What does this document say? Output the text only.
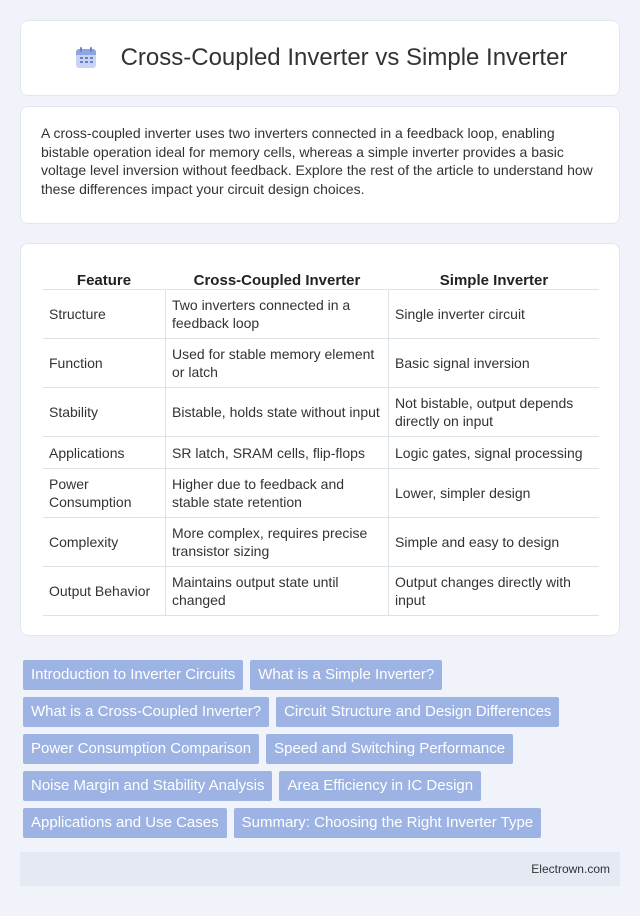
Cross-Coupled Inverter vs Simple Inverter

A cross-coupled inverter uses two inverters connected in a feedback loop, enabling bistable operation ideal for memory cells, whereas a simple inverter provides a basic voltage level inversion without feedback. Explore the rest of the article to understand how these differences impact your circuit design choices.

Feature	Cross-Coupled Inverter	Simple Inverter
Structure	Two inverters connected in a feedback loop	Single inverter circuit
Function	Used for stable memory element or latch	Basic signal inversion
Stability	Bistable, holds state without input	Not bistable, output depends directly on input
Applications	SR latch, SRAM cells, flip-flops	Logic gates, signal processing
Power Consumption	Higher due to feedback and stable state retention	Lower, simpler design
Complexity	More complex, requires precise transistor sizing	Simple and easy to design
Output Behavior	Maintains output state until changed	Output changes directly with input
Introduction to Inverter Circuits	What is a Simple Inverter?
What is a Cross-Coupled Inverter?	Circuit Structure and Design Differences
Power Consumption Comparison	Speed and Switching Performance
Noise Margin and Stability Analysis	Area Efficiency in IC Design
Applications and Use Cases	Summary: Choosing the Right Inverter Type
Electrown.com
